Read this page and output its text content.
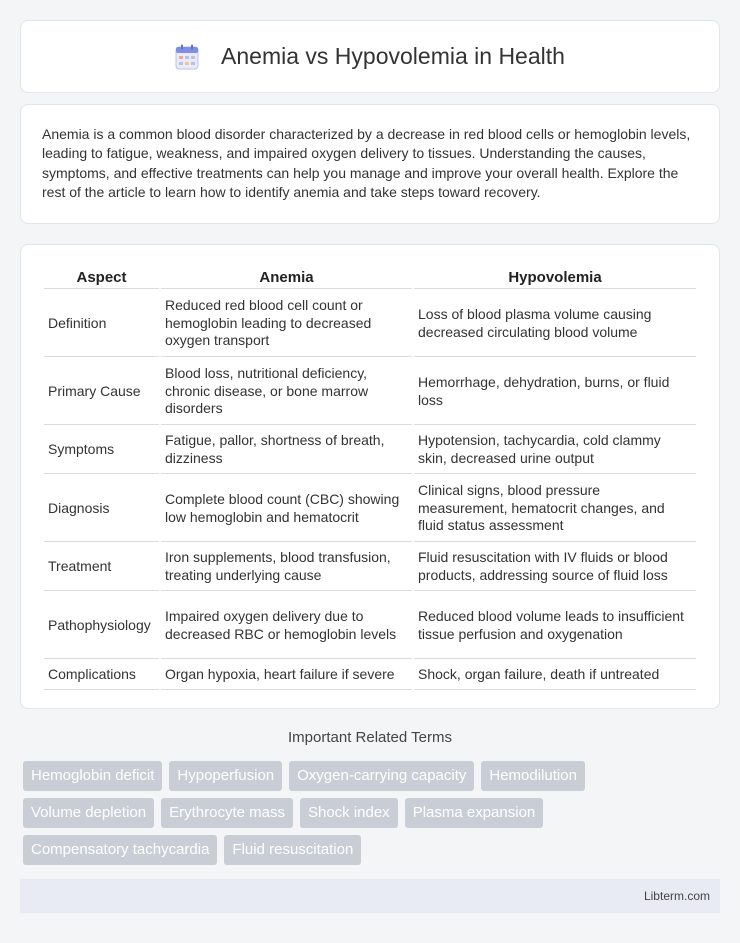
Anemia vs Hypovolemia in Health

Anemia is a common blood disorder characterized by a decrease in red blood cells or hemoglobin levels, leading to fatigue, weakness, and impaired oxygen delivery to tissues. Understanding the causes, symptoms, and effective treatments can help you manage and improve your overall health. Explore the rest of the article to learn how to identify anemia and take steps toward recovery.

Aspect	Anemia	Hypovolemia
Definition	Reduced red blood cell count or hemoglobin leading to decreased oxygen transport	Loss of blood plasma volume causing decreased circulating blood volume
Primary Cause	Blood loss, nutritional deficiency, chronic disease, or bone marrow disorders	Hemorrhage, dehydration, burns, or fluid loss
Symptoms	Fatigue, pallor, shortness of breath, dizziness	Hypotension, tachycardia, cold clammy skin, decreased urine output
Diagnosis	Complete blood count (CBC) showing low hemoglobin and hematocrit	Clinical signs, blood pressure measurement, hematocrit changes, and fluid status assessment
Treatment	Iron supplements, blood transfusion, treating underlying cause	Fluid resuscitation with IV fluids or blood products, addressing source of fluid loss
Pathophysiology	Impaired oxygen delivery due to decreased RBC or hemoglobin levels	Reduced blood volume leads to insufficient tissue perfusion and oxygenation
Complications	Organ hypoxia, heart failure if severe	Shock, organ failure, death if untreated
Important Related Terms
Hemoglobin deficit	Hypoperfusion	Oxygen-carrying capacity	Hemodilution
Volume depletion	Erythrocyte mass	Shock index	Plasma expansion
Compensatory tachycardia	Fluid resuscitation
Libterm.com
